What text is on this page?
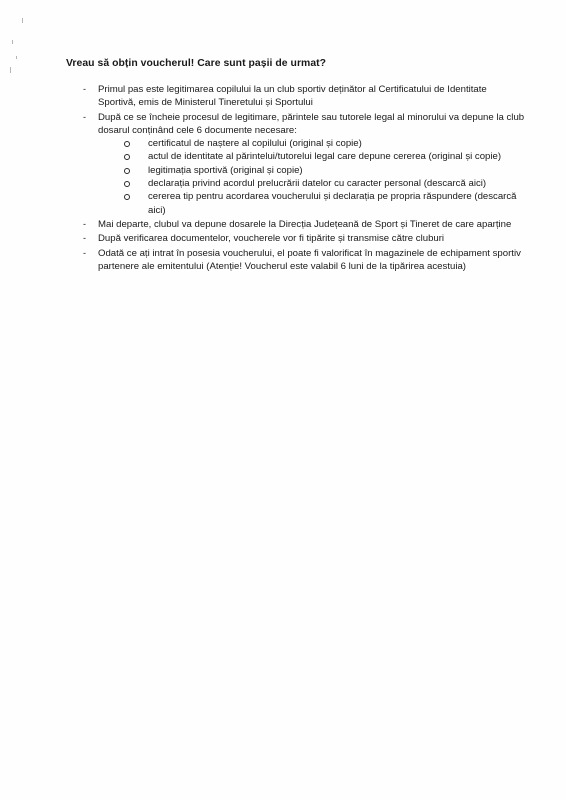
Vreau să obțin voucherul! Care sunt pașii de urmat?
- Primul pas este legitimarea copilului la un club sportiv deținător al Certificatului de Identitate Sportivă, emis de Ministerul Tineretului și Sportului
- După ce se încheie procesul de legitimare, părintele sau tutorele legal al minorului va depune la club dosarul conținând cele 6 documente necesare:
certificatul de naștere al copilului (original și copie)
actul de identitate al părintelui/tutorelui legal care depune cererea (original și copie)
legitimația sportivă (original și copie)
declarația privind acordul prelucrării datelor cu caracter personal (descarcă aici)
cererea tip pentru acordarea voucherului și declarația pe propria răspundere (descarcă aici)
- Mai departe, clubul va depune dosarele la Direcția Județeană de Sport și Tineret de care aparține
- După verificarea documentelor, voucherele vor fi tipărite și transmise către cluburi
- Odată ce ați intrat în posesia voucherului, el poate fi valorificat în magazinele de echipament sportiv partenere ale emitentului (Atenție! Voucherul este valabil 6 luni de la tipărirea acestuia)
